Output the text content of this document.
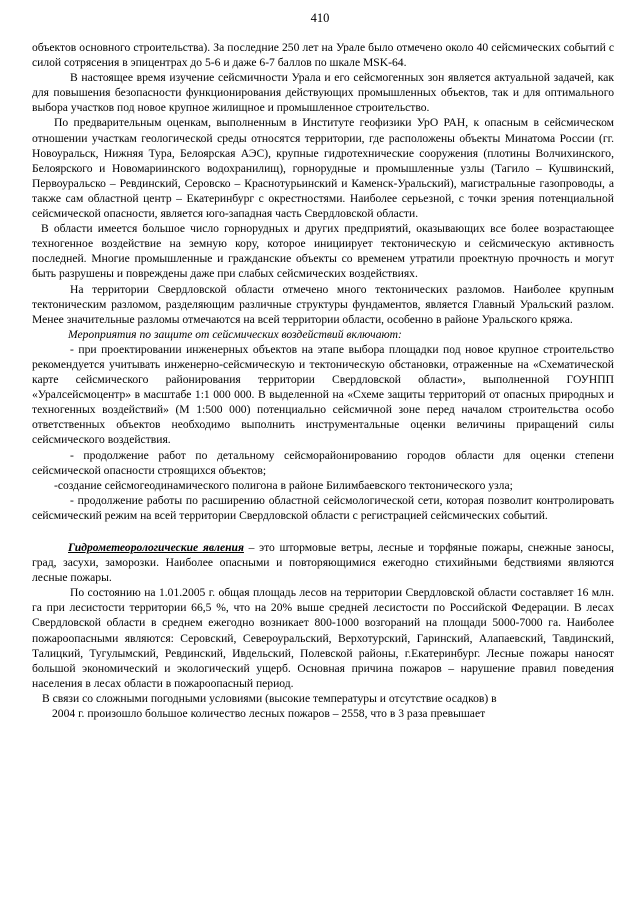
410

объектов основного строительства). За последние 250 лет на Урале было отмечено около 40 сейсмических событий с силой сотрясения в эпицентрах до 5-6 и даже 6-7 баллов по шкале MSK-64.

В настоящее время изучение сейсмичности Урала и его сейсмогенных зон является актуальной задачей, как для повышения безопасности функционирования действующих промышленных объектов, так и для оптимального выбора участков под новое крупное жилищное и промышленное строительство.

По предварительным оценкам, выполненным в Институте геофизики УрО РАН, к опасным в сейсмическом отношении участкам геологической среды относятся территории, где расположены объекты Минатома России (гг. Новоуральск, Нижняя Тура, Белоярская АЭС), крупные гидротехнические сооружения (плотины Волчихинского, Белоярского и Новомариинского водохранилищ), горнорудные и промышленные узлы (Тагило – Кушвинский, Первоуральско – Ревдинский, Серовско – Краснотурьинский и Каменск-Уральский), магистральные газопроводы, а также сам областной центр – Екатеринбург с окрестностями. Наиболее серьезной, с точки зрения потенциальной сейсмической опасности, является юго-западная часть Свердловской области.

В области имеется большое число горнорудных и других предприятий, оказывающих все более возрастающее техногенное воздействие на земную кору, которое инициирует тектоническую и сейсмическую активность последней. Многие промышленные и гражданские объекты со временем утратили проектную прочность и могут быть разрушены и повреждены даже при слабых сейсмических воздействиях.

На территории Свердловской области отмечено много тектонических разломов. Наиболее крупным тектоническим разломом, разделяющим различные структуры фундаментов, является Главный Уральский разлом. Менее значительные разломы отмечаются на всей территории области, особенно в районе Уральского кряжа.

Мероприятия по защите от сейсмических воздействий включают:

- при проектировании инженерных объектов на этапе выбора площадки под новое крупное строительство рекомендуется учитывать инженерно-сейсмическую и тектоническую обстановки, отраженные на «Схематической карте сейсмического районирования территории Свердловской области», выполненной ГОУНПП «Уралсейсмоцентр» в масштабе 1:1 000 000. В выделенной на «Схеме защиты территорий от опасных природных и техногенных воздействий» (М 1:500 000) потенциально сейсмичной зоне перед началом строительства особо ответственных объектов необходимо выполнить инструментальные оценки величины приращений силы сейсмического воздействия.

- продолжение работ по детальному сейсморайонированию городов области для оценки степени сейсмической опасности строящихся объектов;

-создание сейсмогеодинамического полигона в районе Билимбаевского тектонического узла;

- продолжение работы по расширению областной сейсмологической сети, которая позволит контролировать сейсмический режим на всей территории Свердловской области с регистрацией сейсмических событий.

Гидрометеорологические явления – это штормовые ветры, лесные и торфяные пожары, снежные заносы, град, засухи, заморозки. Наиболее опасными и повторяющимися ежегодно стихийными бедствиями являются лесные пожары.

По состоянию на 1.01.2005 г. общая площадь лесов на территории Свердловской области составляет 16 млн. га при лесистости территории 66,5 %, что на 20% выше средней лесистости по Российской Федерации. В лесах Свердловской области в среднем ежегодно возникает 800-1000 возгораний на площади 5000-7000 га. Наиболее пожароопасными являются: Серовский, Североуральский, Верхотурский, Гаринский, Алапаевский, Тавдинский, Талицкий, Тугулымский, Ревдинский, Ивдельский, Полевской районы, г.Екатеринбург. Лесные пожары наносят большой экономический и экологический ущерб. Основная причина пожаров – нарушение правил поведения населения в лесах области в пожароопасный период.

В связи со сложными погодными условиями (высокие температуры и отсутствие осадков) в

2004 г. произошло большое количество лесных пожаров – 2558, что в 3 раза превышает
